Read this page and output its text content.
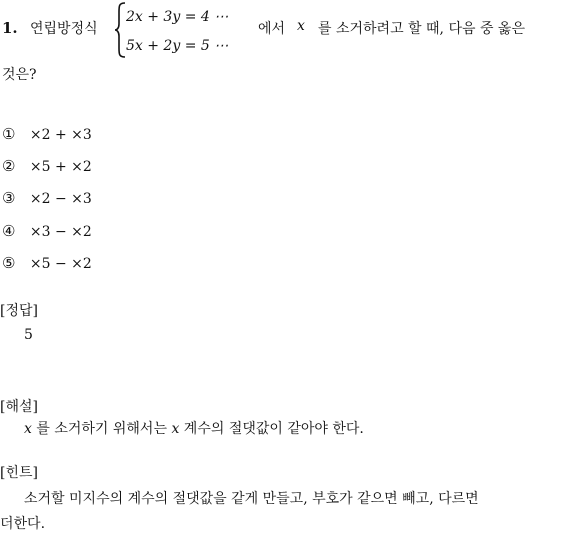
1. 연립방정식
2x + 3y = 4 ⋯
5x + 2y = 5 ⋯
에서 x 를 소거하려고 할 때, 다음 중 옳은
것은?
① ×2 + ×3
② ×5 + ×2
③ ×2 − ×3
④ ×3 − ×2
⑤ ×5 − ×2
[정답]
5
[해설]
x 를 소거하기 위해서는 x 계수의 절댓값이 같아야 한다.
[힌트]
소거할 미지수의 계수의 절댓값을 같게 만들고, 부호가 같으면 빼고, 다르면
더한다.
